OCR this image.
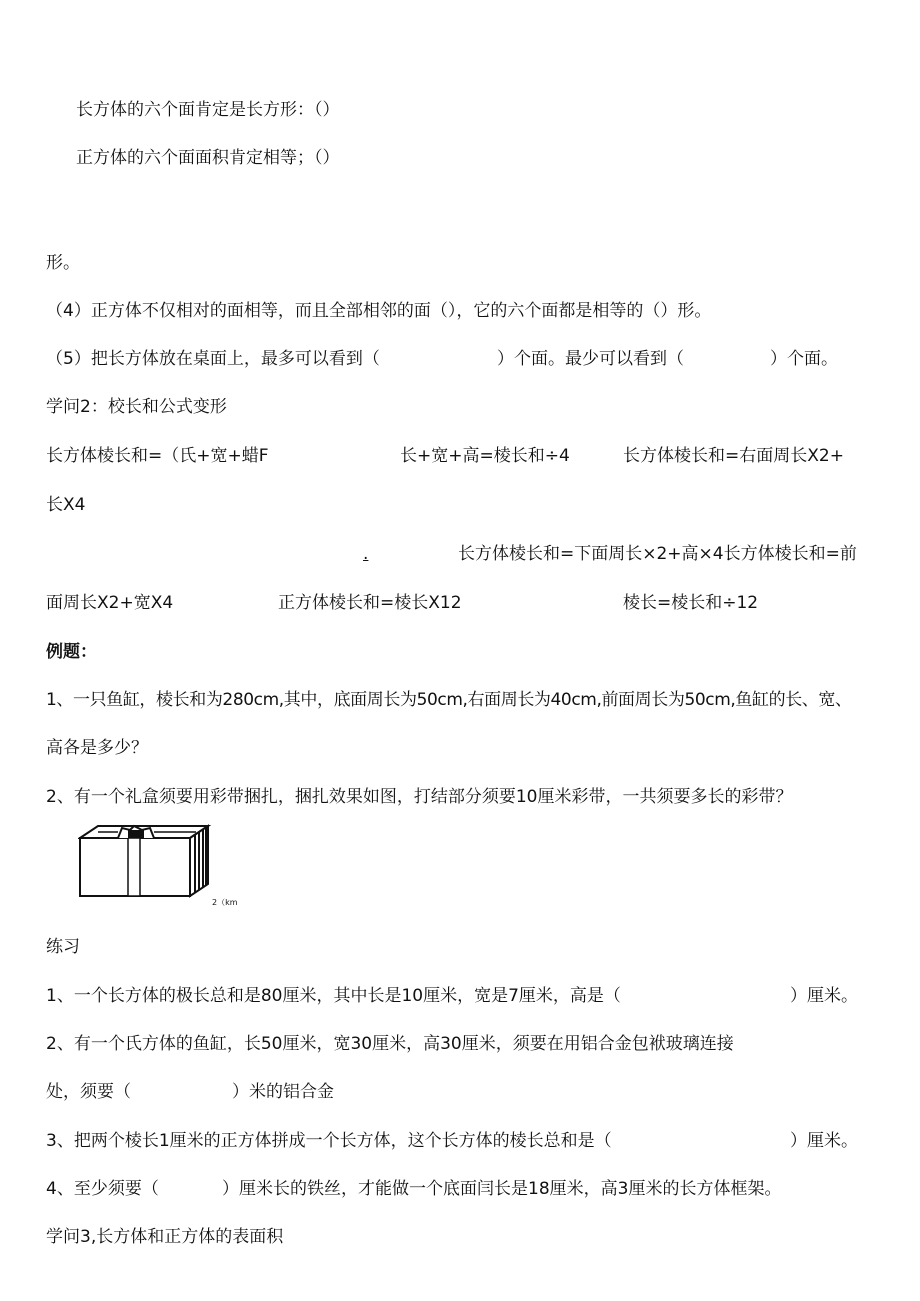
长方体的六个面肯定是长方形：（）
正方体的六个面面积肯定相等；（）
形。
（4）正方体不仅相对的面相等，而且全部相邻的面（），它的六个面都是相等的（）形。
（5）把长方体放在桌面上，最多可以看到（	）个面。最少可以看到（	）个面。
学问2：校长和公式变形
长方体棱长和=（氏+宽+蜡F	长+宽+高=棱长和÷4	长方体棱长和=右面周长X2+
长X4
.	长方体棱长和=下面周长×2+高×4长方体棱长和=前
面周长X2+宽X4	正方体棱长和=棱长X12	棱长=棱长和÷12
例题：
1、一只鱼缸，棱长和为280cm,其中，底面周长为50cm,右面周长为40cm,前面周长为50cm,鱼缸的长、宽、
高各是多少？
2、有一个礼盒须要用彩带捆扎，捆扎效果如图，打结部分须要10厘米彩带，一共须要多长的彩带？
2（km
练习
1、一个长方体的极长总和是80厘米，其中长是10厘米，宽是7厘米，高是（	）厘米。
2、有一个氏方体的鱼缸，长50厘米，宽30厘米，高30厘米，须要在用铝合金包袱玻璃连接
处，须要（	）米的铝合金
3、把两个棱长1厘米的正方体拼成一个长方体，这个长方体的棱长总和是（	）厘米。
4、至少须要（	）厘米长的铁丝，才能做一个底面闫长是18厘米，高3厘米的长方体框架。
学问3,长方体和正方体的表面积
